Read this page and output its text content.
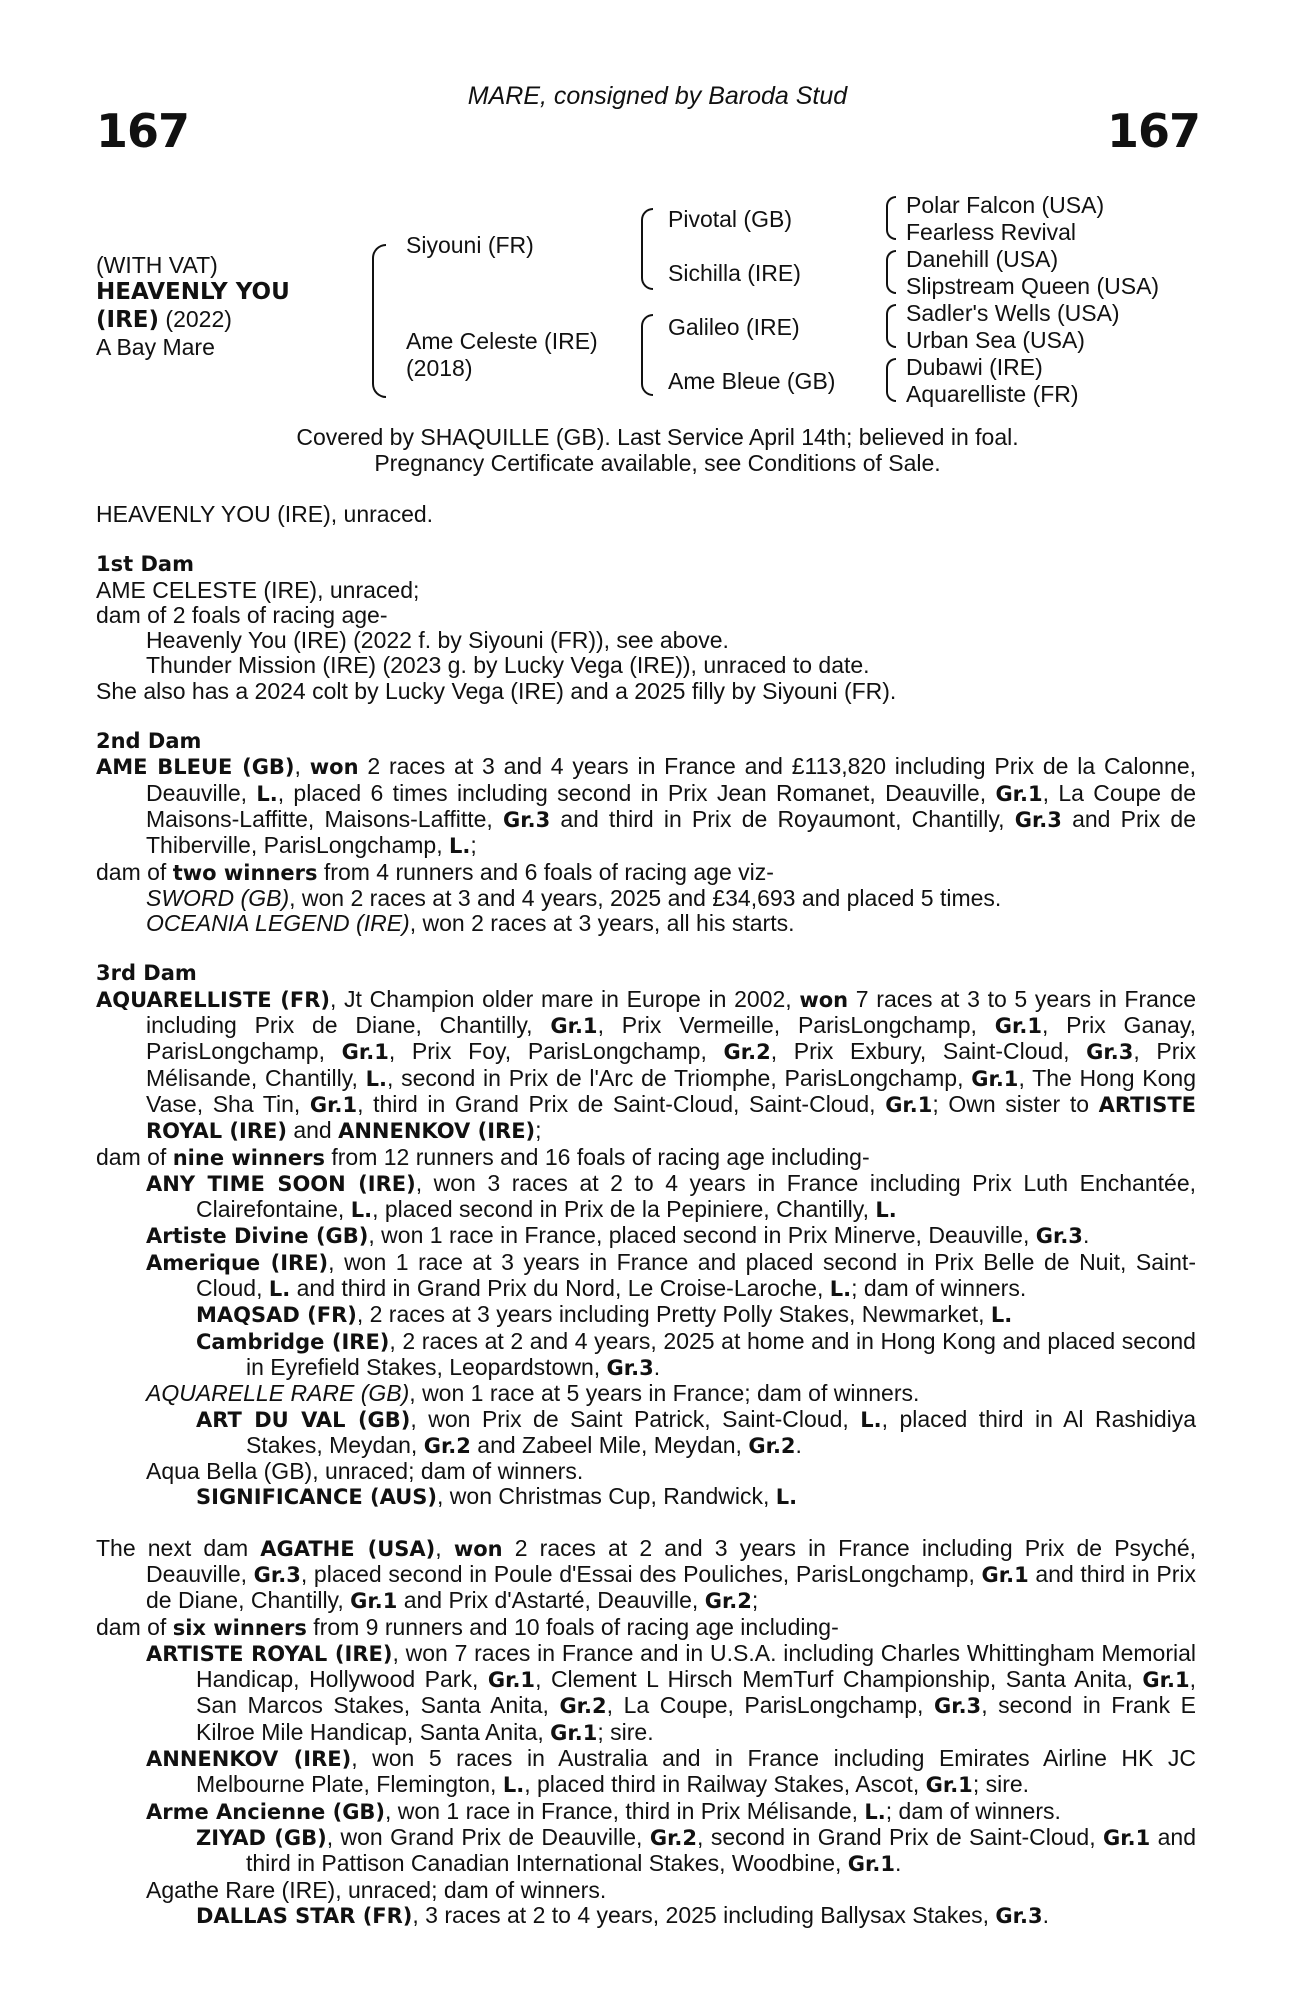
MARE, consigned by Baroda Stud
167	167
(WITH VAT)
HEAVENLY YOU
(IRE) (2022)
A Bay Mare
Siyouni (FR)
Ame Celeste (IRE)
(2018)
Pivotal (GB)
Sichilla (IRE)
Galileo (IRE)
Ame Bleue (GB)
Polar Falcon (USA)
Fearless Revival
Danehill (USA)
Slipstream Queen (USA)
Sadler's Wells (USA)
Urban Sea (USA)
Dubawi (IRE)
Aquarelliste (FR)
Covered by SHAQUILLE (GB). Last Service April 14th; believed in foal.
Pregnancy Certificate available, see Conditions of Sale.

HEAVENLY YOU (IRE), unraced.

1st Dam

AME CELESTE (IRE), unraced;

dam of 2 foals of racing age-

Heavenly You (IRE) (2022 f. by Siyouni (FR)), see above.

Thunder Mission (IRE) (2023 g. by Lucky Vega (IRE)), unraced to date.

She also has a 2024 colt by Lucky Vega (IRE) and a 2025 filly by Siyouni (FR).

2nd Dam

AME BLEUE (GB), won 2 races at 3 and 4 years in France and £113,820 including Prix de la Calonne, Deauville, L., placed 6 times including second in Prix Jean Romanet, Deauville, Gr.1, La Coupe de Maisons-Laffitte, Maisons-Laffitte, Gr.3 and third in Prix de Royaumont, Chantilly, Gr.3 and Prix de Thiberville, ParisLongchamp, L.;

dam of two winners from 4 runners and 6 foals of racing age viz-

SWORD (GB), won 2 races at 3 and 4 years, 2025 and £34,693 and placed 5 times.

OCEANIA LEGEND (IRE), won 2 races at 3 years, all his starts.

3rd Dam

AQUARELLISTE (FR), Jt Champion older mare in Europe in 2002, won 7 races at 3 to 5 years in France including Prix de Diane, Chantilly, Gr.1, Prix Vermeille, ParisLongchamp, Gr.1, Prix Ganay, ParisLongchamp, Gr.1, Prix Foy, ParisLongchamp, Gr.2, Prix Exbury, Saint-Cloud, Gr.3, Prix Mélisande, Chantilly, L., second in Prix de l'Arc de Triomphe, ParisLongchamp, Gr.1, The Hong Kong Vase, Sha Tin, Gr.1, third in Grand Prix de Saint-Cloud, Saint-Cloud, Gr.1; Own sister to ARTISTE ROYAL (IRE) and ANNENKOV (IRE);

dam of nine winners from 12 runners and 16 foals of racing age including-

ANY TIME SOON (IRE), won 3 races at 2 to 4 years in France including Prix Luth Enchantée, Clairefontaine, L., placed second in Prix de la Pepiniere, Chantilly, L.

Artiste Divine (GB), won 1 race in France, placed second in Prix Minerve, Deauville, Gr.3.

Amerique (IRE), won 1 race at 3 years in France and placed second in Prix Belle de Nuit, Saint-Cloud, L. and third in Grand Prix du Nord, Le Croise-Laroche, L.; dam of winners.

MAQSAD (FR), 2 races at 3 years including Pretty Polly Stakes, Newmarket, L.

Cambridge (IRE), 2 races at 2 and 4 years, 2025 at home and in Hong Kong and placed second in Eyrefield Stakes, Leopardstown, Gr.3.

AQUARELLE RARE (GB), won 1 race at 5 years in France; dam of winners.

ART DU VAL (GB), won Prix de Saint Patrick, Saint-Cloud, L., placed third in Al Rashidiya Stakes, Meydan, Gr.2 and Zabeel Mile, Meydan, Gr.2.

Aqua Bella (GB), unraced; dam of winners.

SIGNIFICANCE (AUS), won Christmas Cup, Randwick, L.

The next dam AGATHE (USA), won 2 races at 2 and 3 years in France including Prix de Psyché, Deauville, Gr.3, placed second in Poule d'Essai des Pouliches, ParisLongchamp, Gr.1 and third in Prix de Diane, Chantilly, Gr.1 and Prix d'Astarté, Deauville, Gr.2;

dam of six winners from 9 runners and 10 foals of racing age including-

ARTISTE ROYAL (IRE), won 7 races in France and in U.S.A. including Charles Whittingham Memorial Handicap, Hollywood Park, Gr.1, Clement L Hirsch MemTurf Championship, Santa Anita, Gr.1, San Marcos Stakes, Santa Anita, Gr.2, La Coupe, ParisLongchamp, Gr.3, second in Frank E Kilroe Mile Handicap, Santa Anita, Gr.1; sire.

ANNENKOV (IRE), won 5 races in Australia and in France including Emirates Airline HK JC Melbourne Plate, Flemington, L., placed third in Railway Stakes, Ascot, Gr.1; sire.

Arme Ancienne (GB), won 1 race in France, third in Prix Mélisande, L.; dam of winners.

ZIYAD (GB), won Grand Prix de Deauville, Gr.2, second in Grand Prix de Saint-Cloud, Gr.1 and third in Pattison Canadian International Stakes, Woodbine, Gr.1.

Agathe Rare (IRE), unraced; dam of winners.

DALLAS STAR (FR), 3 races at 2 to 4 years, 2025 including Ballysax Stakes, Gr.3.
